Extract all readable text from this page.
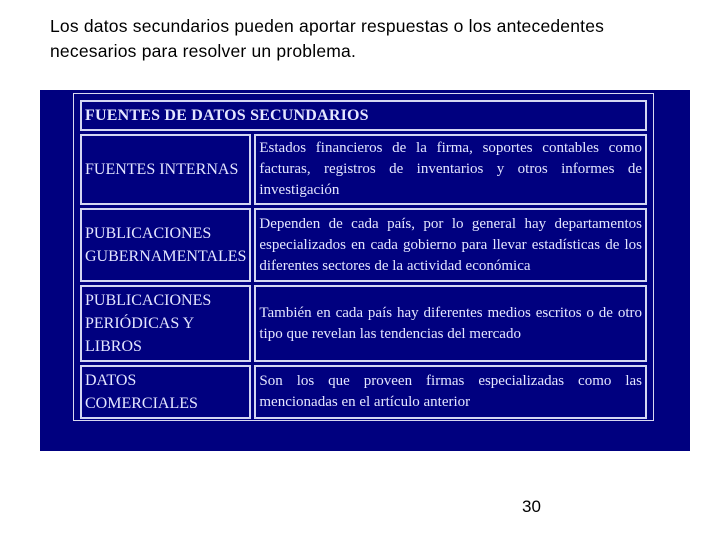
Los datos secundarios pueden aportar respuestas o los antecedentes
necesarios para resolver un problema.
FUENTES DE DATOS SECUNDARIOS	
FUENTES INTERNAS	Estados financieros de la firma, soportes contables como facturas, registros de inventarios y otros informes de investigación
PUBLICACIONES GUBERNAMENTALES	Dependen de cada país, por lo general hay departamentos especializados en cada gobierno para llevar estadísticas de los diferentes sectores de la actividad económica
PUBLICACIONES PERIÓDICAS Y LIBROS	También en cada país hay diferentes medios escritos o de otro tipo que revelan las tendencias del mercado
DATOS COMERCIALES	Son los que proveen firmas especializadas como las mencionadas en el artículo anterior
30
